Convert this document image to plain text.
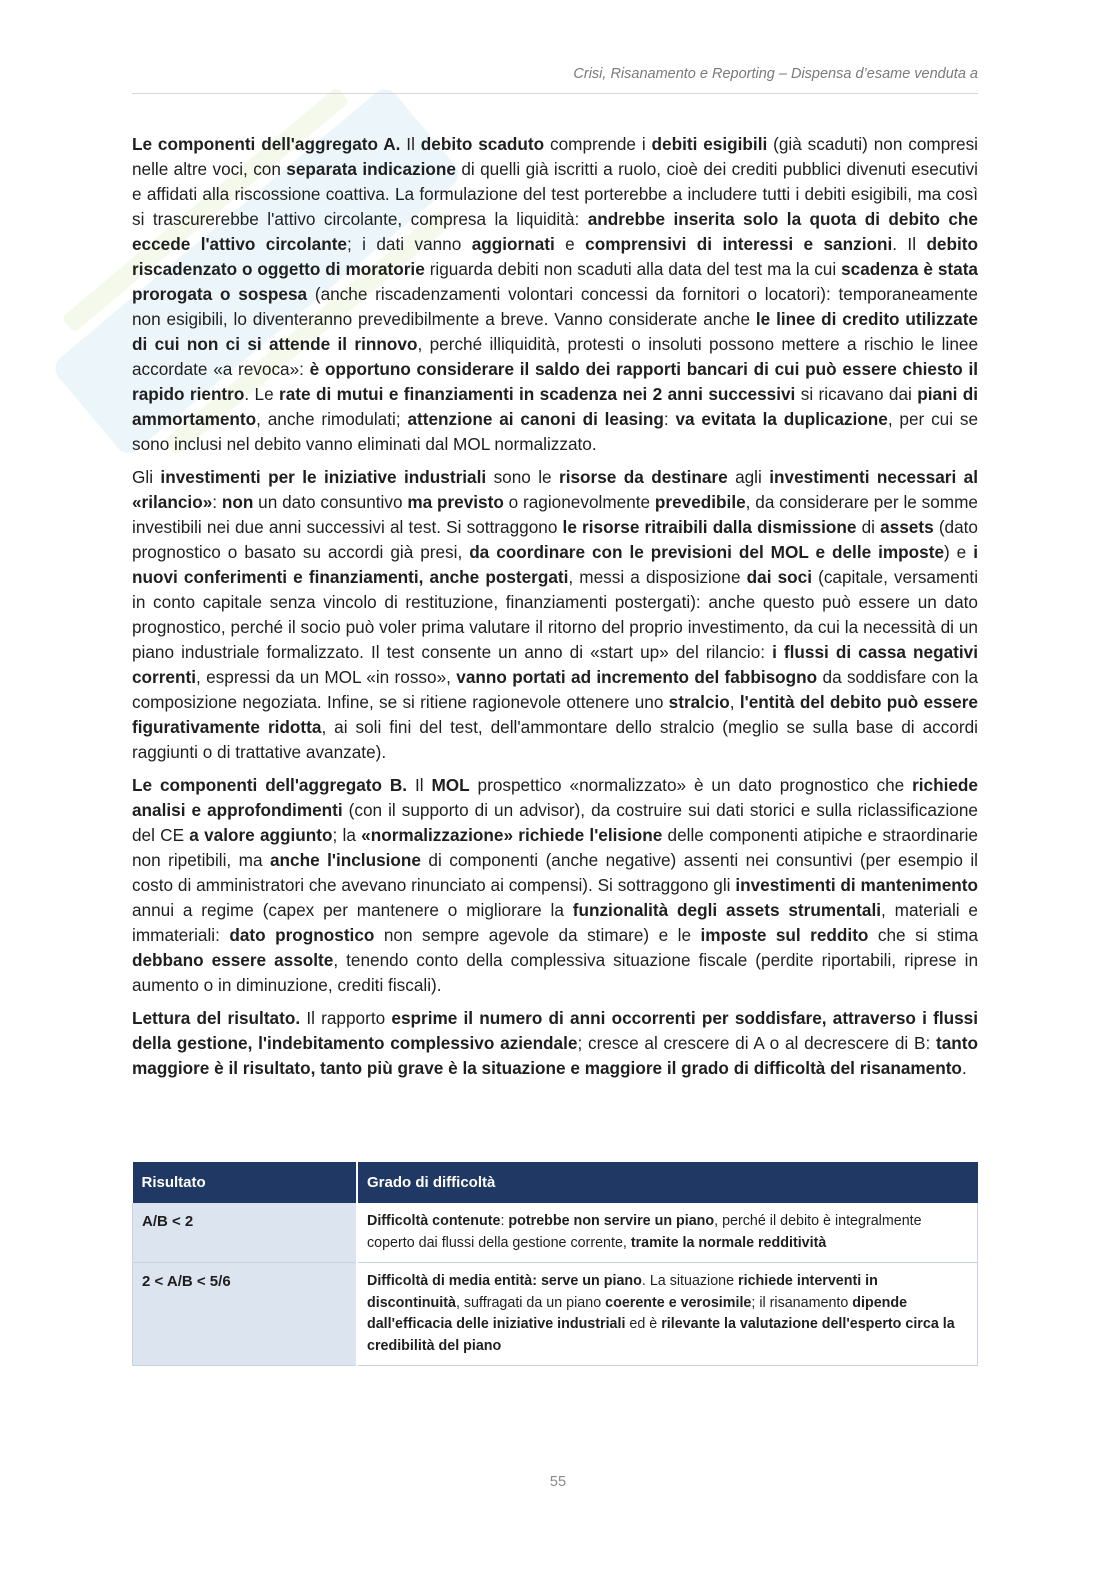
Crisi, Risanamento e Reporting – Dispensa d’esame venduta a

Le componenti dell'aggregato A. Il debito scaduto comprende i debiti esigibili (già scaduti) non compresi nelle altre voci, con separata indicazione di quelli già iscritti a ruolo, cioè dei crediti pubblici divenuti esecutivi e affidati alla riscossione coattiva. La formulazione del test porterebbe a includere tutti i debiti esigibili, ma così si trascurerebbe l'attivo circolante, compresa la liquidità: andrebbe inserita solo la quota di debito che eccede l'attivo circolante; i dati vanno aggiornati e comprensivi di interessi e sanzioni. Il debito riscadenzato o oggetto di moratorie riguarda debiti non scaduti alla data del test ma la cui scadenza è stata prorogata o sospesa (anche riscadenzamenti volontari concessi da fornitori o locatori): temporaneamente non esigibili, lo diventeranno prevedibilmente a breve. Vanno considerate anche le linee di credito utilizzate di cui non ci si attende il rinnovo, perché illiquidità, protesti o insoluti possono mettere a rischio le linee accordate «a revoca»: è opportuno considerare il saldo dei rapporti bancari di cui può essere chiesto il rapido rientro. Le rate di mutui e finanziamenti in scadenza nei 2 anni successivi si ricavano dai piani di ammortamento, anche rimodulati; attenzione ai canoni di leasing: va evitata la duplicazione, per cui se sono inclusi nel debito vanno eliminati dal MOL normalizzato.

Gli investimenti per le iniziative industriali sono le risorse da destinare agli investimenti necessari al «rilancio»: non un dato consuntivo ma previsto o ragionevolmente prevedibile, da considerare per le somme investibili nei due anni successivi al test. Si sottraggono le risorse ritraibili dalla dismissione di assets (dato prognostico o basato su accordi già presi, da coordinare con le previsioni del MOL e delle imposte) e i nuovi conferimenti e finanziamenti, anche postergati, messi a disposizione dai soci (capitale, versamenti in conto capitale senza vincolo di restituzione, finanziamenti postergati): anche questo può essere un dato prognostico, perché il socio può voler prima valutare il ritorno del proprio investimento, da cui la necessità di un piano industriale formalizzato. Il test consente un anno di «start up» del rilancio: i flussi di cassa negativi correnti, espressi da un MOL «in rosso», vanno portati ad incremento del fabbisogno da soddisfare con la composizione negoziata. Infine, se si ritiene ragionevole ottenere uno stralcio, l'entità del debito può essere figurativamente ridotta, ai soli fini del test, dell'ammontare dello stralcio (meglio se sulla base di accordi raggiunti o di trattative avanzate).

Le componenti dell'aggregato B. Il MOL prospettico «normalizzato» è un dato prognostico che richiede analisi e approfondimenti (con il supporto di un advisor), da costruire sui dati storici e sulla riclassificazione del CE a valore aggiunto; la «normalizzazione» richiede l'elisione delle componenti atipiche e straordinarie non ripetibili, ma anche l'inclusione di componenti (anche negative) assenti nei consuntivi (per esempio il costo di amministratori che avevano rinunciato ai compensi). Si sottraggono gli investimenti di mantenimento annui a regime (capex per mantenere o migliorare la funzionalità degli assets strumentali, materiali e immateriali: dato prognostico non sempre agevole da stimare) e le imposte sul reddito che si stima debbano essere assolte, tenendo conto della complessiva situazione fiscale (perdite riportabili, riprese in aumento o in diminuzione, crediti fiscali).

Lettura del risultato. Il rapporto esprime il numero di anni occorrenti per soddisfare, attraverso i flussi della gestione, l'indebitamento complessivo aziendale; cresce al crescere di A o al decrescere di B: tanto maggiore è il risultato, tanto più grave è la situazione e maggiore il grado di difficoltà del risanamento.

Risultato	Grado di difficoltà
A/B < 2	Difficoltà contenute: potrebbe non servire un piano, perché il debito è integralmente coperto dai flussi della gestione corrente, tramite la normale redditività
2 < A/B < 5/6	Difficoltà di media entità: serve un piano. La situazione richiede interventi in discontinuità, suffragati da un piano coerente e verosimile; il risanamento dipende dall'efficacia delle iniziative industriali ed è rilevante la valutazione dell'esperto circa la credibilità del piano
55
